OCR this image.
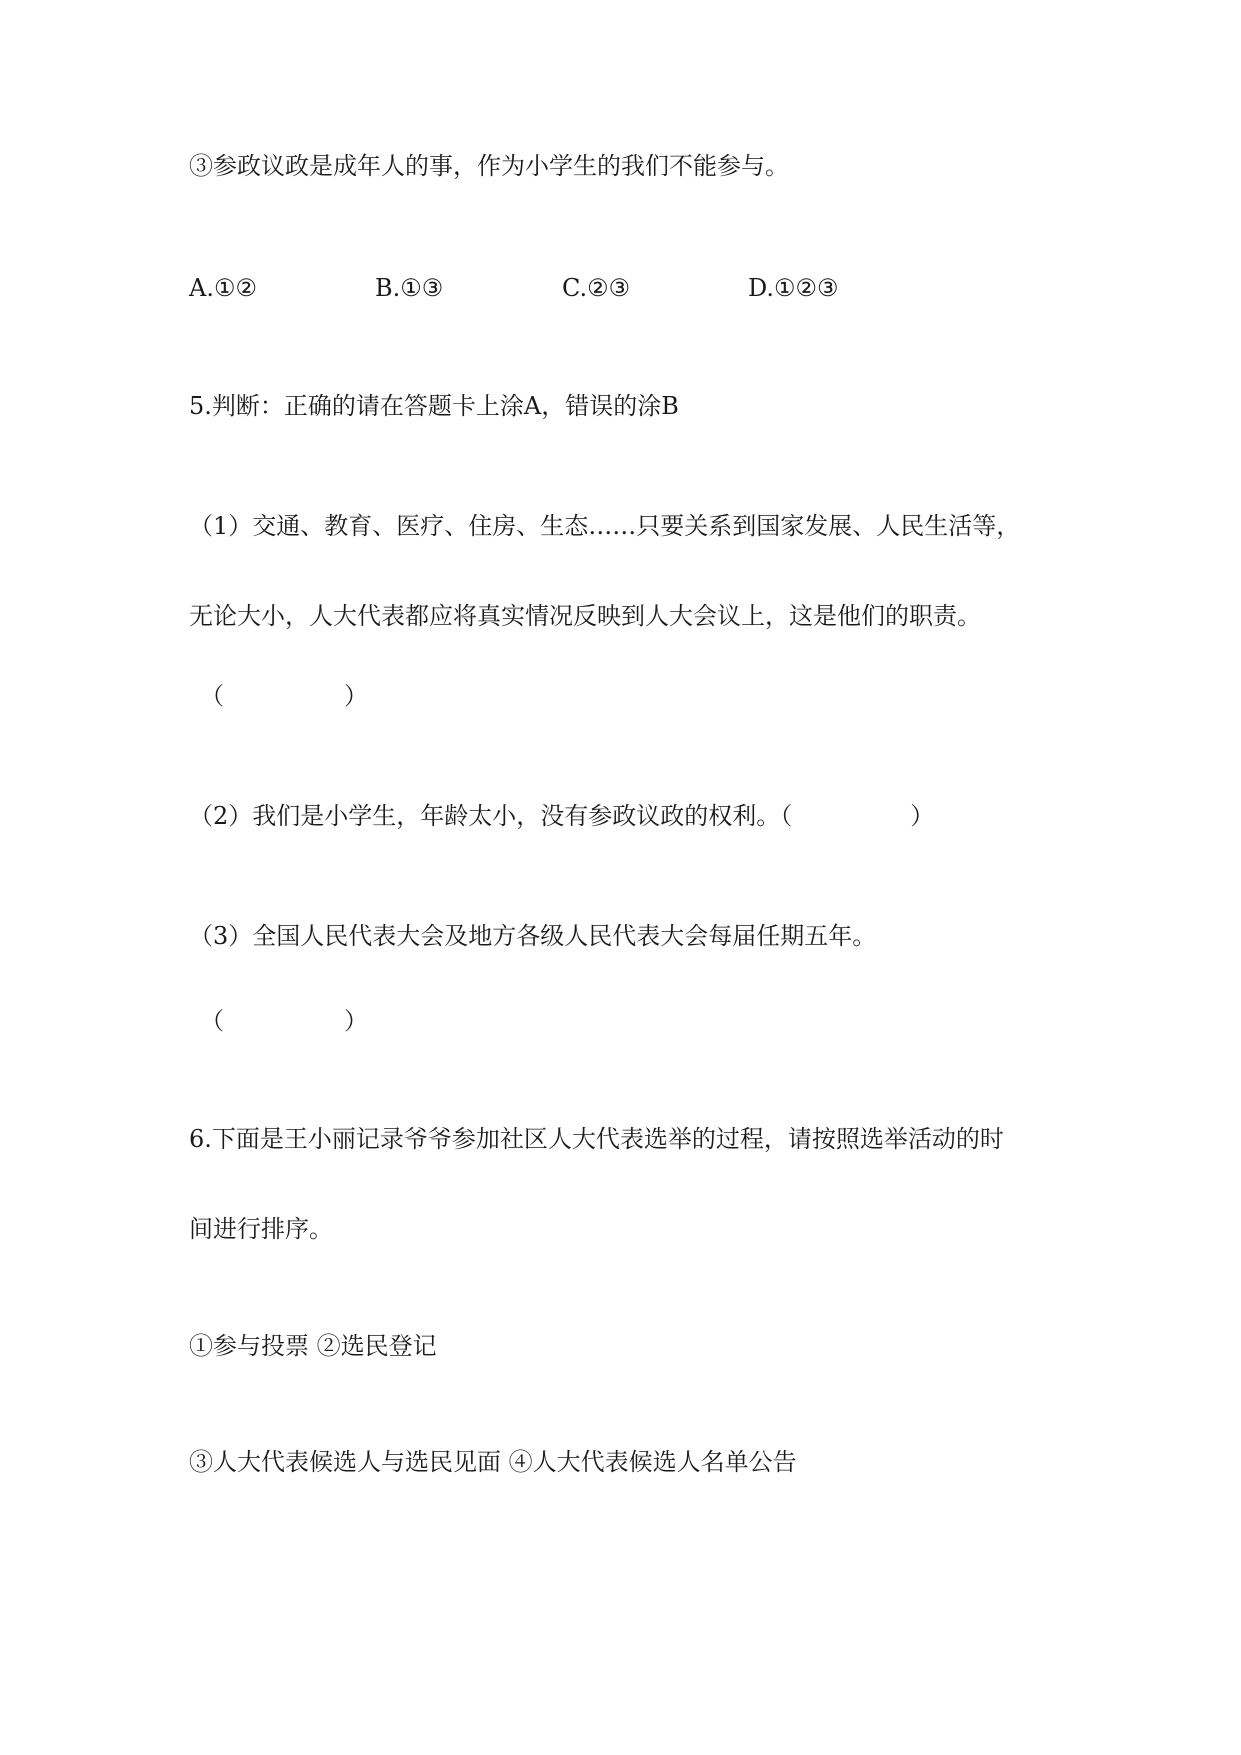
③参政议政是成年人的事，作为小学生的我们不能参与。
A.①②	B.①③	C.②③	D.①②③
5.判断：正确的请在答题卡上涂A，错误的涂B
（1）交通、教育、医疗、住房、生态……只要关系到国家发展、人民生活等，
无论大小，人大代表都应将真实情况反映到人大会议上，这是他们的职责。
（	）
（2）我们是小学生，年龄太小，没有参政议政的权利。（	）
（3）全国人民代表大会及地方各级人民代表大会每届任期五年。
（	）
6.下面是王小丽记录爷爷参加社区人大代表选举的过程，请按照选举活动的时
间进行排序。
①参与投票 ②选民登记
③人大代表候选人与选民见面 ④人大代表候选人名单公告
